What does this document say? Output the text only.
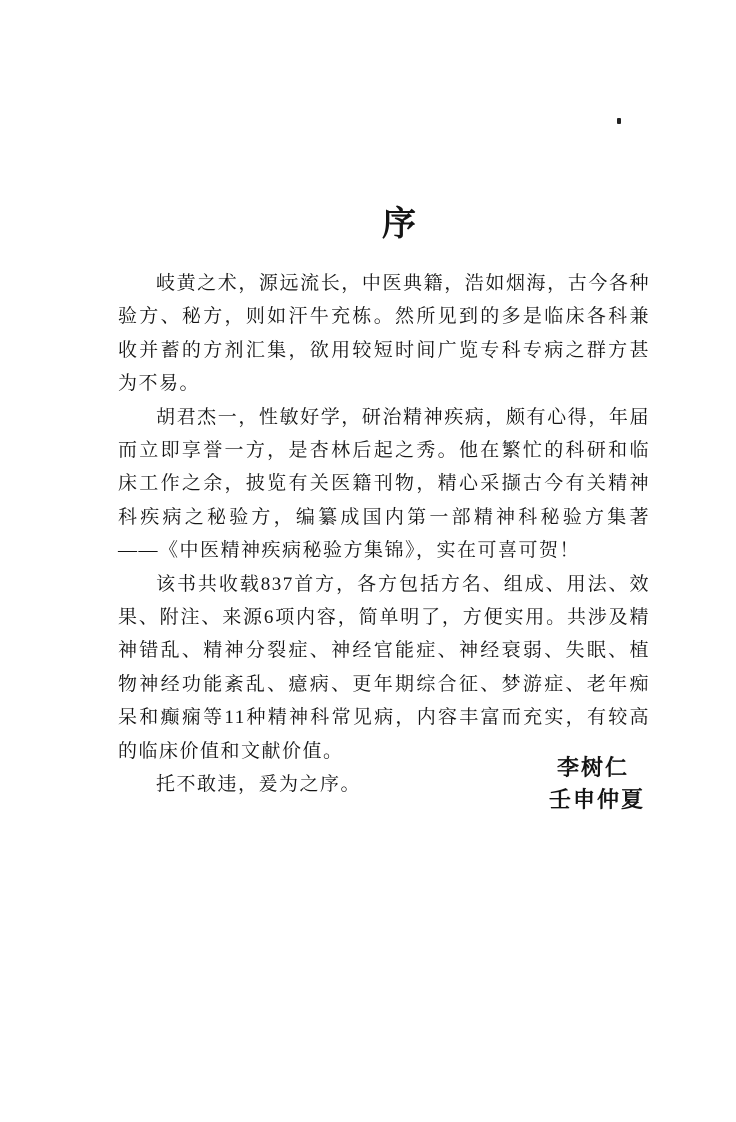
序

岐黄之术，源远流长，中医典籍，浩如烟海，古今各种验方、秘方，则如汗牛充栋。然所见到的多是临床各科兼收并蓄的方剂汇集，欲用较短时间广览专科专病之群方甚为不易。

胡君杰一，性敏好学，研治精神疾病，颇有心得，年届而立即享誉一方，是杏林后起之秀。他在繁忙的科研和临床工作之余，披览有关医籍刊物，精心采撷古今有关精神科疾病之秘验方，编纂成国内第一部精神科秘验方集著——《中医精神疾病秘验方集锦》，实在可喜可贺！

该书共收载837首方，各方包括方名、组成、用法、效果、附注、来源6项内容，简单明了，方便实用。共涉及精神错乱、精神分裂症、神经官能症、神经衰弱、失眠、植物神经功能紊乱、癔病、更年期综合征、梦游症、老年痴呆和癫痫等11种精神科常见病，内容丰富而充实，有较高的临床价值和文献价值。

托不敢违，爰为之序。

李树仁
壬申仲夏
